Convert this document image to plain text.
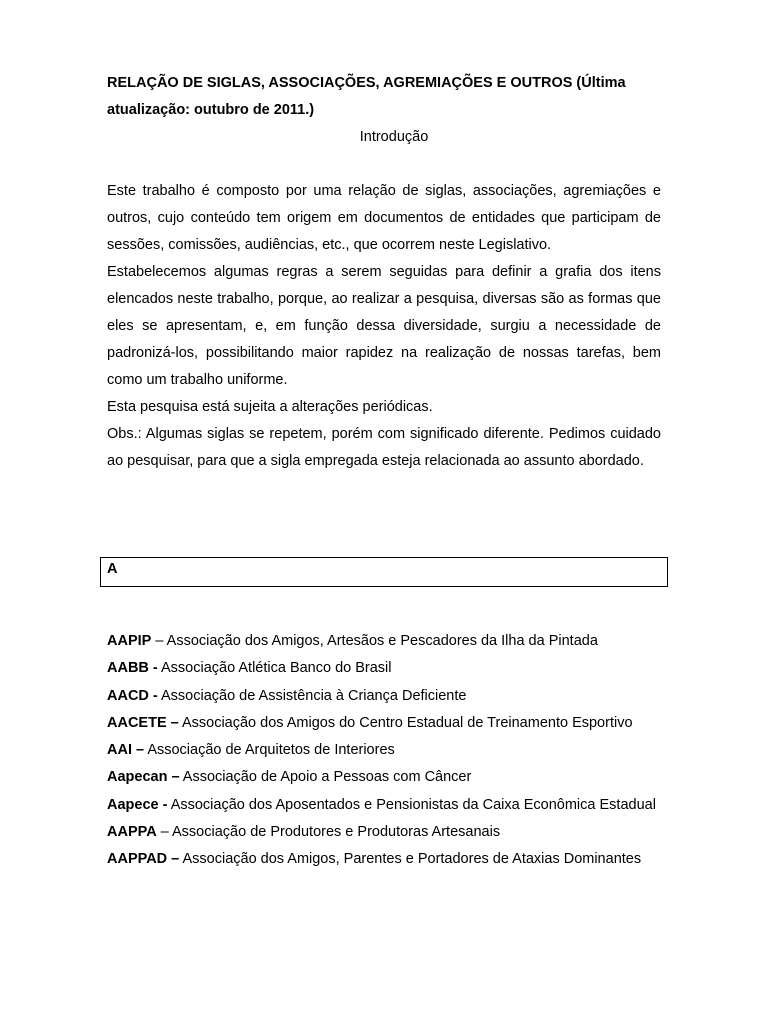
RELAÇÃO DE SIGLAS, ASSOCIAÇÕES, AGREMIAÇÕES E OUTROS (Última atualização: outubro de 2011.)

Introdução

Este trabalho é composto por uma relação de siglas, associações, agremiações e outros, cujo conteúdo tem origem em documentos de entidades que participam de sessões, comissões, audiências, etc., que ocorrem neste Legislativo.

Estabelecemos algumas regras a serem seguidas para definir a grafia dos itens elencados neste trabalho, porque, ao realizar a pesquisa, diversas são as formas que eles se apresentam, e, em função dessa diversidade, surgiu a necessidade de padronizá-los, possibilitando maior rapidez na realização de nossas tarefas, bem como um trabalho uniforme.

Esta pesquisa está sujeita a alterações periódicas.

Obs.: Algumas siglas se repetem, porém com significado diferente. Pedimos cuidado ao pesquisar, para que a sigla empregada esteja relacionada ao assunto abordado.

A

AAPIP – Associação dos Amigos, Artesãos e Pescadores da Ilha da Pintada

AABB - Associação Atlética Banco do Brasil

AACD - Associação de Assistência à Criança Deficiente

AACETE – Associação dos Amigos do Centro Estadual de Treinamento Esportivo

AAI – Associação de Arquitetos de Interiores

Aapecan – Associação de Apoio a Pessoas com Câncer

Aapece - Associação dos Aposentados e Pensionistas da Caixa Econômica Estadual

AAPPA – Associação de Produtores e Produtoras Artesanais

AAPPAD – Associação dos Amigos, Parentes e Portadores de Ataxias Dominantes
